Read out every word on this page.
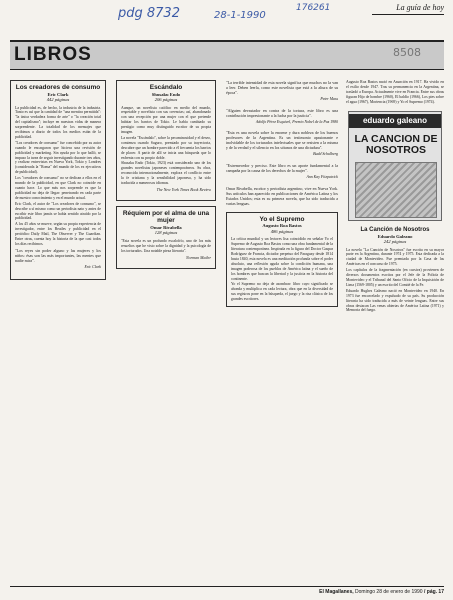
pdg 8732	28-1-1990
176261	La guía de hoy
LIBROS	8508
Los creadores de consumo
Eric Clark
442 páginas

La publicidad es, de hecho, la industria de la industria. Tanto es así que la cantidad de "una mentira permitida": "la única verdadera forma de arte" o "la creación total del capitalismo"; incluye en nuestras vidas de manera sorprendente. La totalidad de los mensajes que recibimos a diario de todos los medios están de la publicidad.

"Los creadores de consumo" fue concebido por su autor cuando le encargaron que hiciera una revisión de publicidad y marketing. Sin ayuda por lo que halló, se impuso la tarea de seguir investigando durante tres años, y realizar entrevistas en Nueva York, Tokio y Londres (considerada la "Roma" del mundo de los ex ejecutivos de publicidad).

Los "creadores de consumo" no se dedican a ellos en el mundo de la publicidad, en que Clark no coincide en cuanto hace. Lo que más nos sorprende es que la publicidad no deja de llegar: penetrando en cada parte de nuestro conocimiento y en el mundo actual.

Eric Clark, el autor de "Los creadores de consumo", se describe a sí mismo como un periodista nato y antes de escribir este libro jamás se había sentido atraído por la publicidad.

A los 45 años se mueve, según su propia experiencia de investigador, entre los Beatles y publicidad en el periódico Daily Mail, The Observer y The Guardian. Entre otras, cuenta hoy la historia de la que casi todos los días recibimos.

"Los reyes sin poder alguno y las mujeres y los niños: ésas son las más importantes, las mentes que nadie mira".
Eric Clark
Escándalo
Shusaku Endo
206 páginas

Aunque, un novelista católico en medio del mundo, respetable y novelista con sus creencias; así, abandonado con una recepción por una mujer con el que pretende habitar los barrios de Tokio. Le había cambiado su prestigio como muy distinguido escritor de su propia imagen.

La novela "Escándalo", sobre la pecaminosidad y el deseo, comienza cuando Suguro, premiado por su trayectoria, descubre que un hombre parecido a él frecuenta los barrios de placer. A partir de allí se inicia una búsqueda que lo enfrenta con su propio doble.

Shusaku Endo (Tokio, 1923) está considerado uno de los grandes novelistas japoneses contemporáneos. Su obra, reconocida internacionalmente, explora el conflicto entre la fe cristiana y la sensibilidad japonesa, y ha sido traducida a numerosos idiomas.

The New York Times Book Review
Réquiem por el alma de una mujer
Omar Rivabella
128 páginas

"Esta novela es un profundo escalofrío, uno de los más resueltos que he visto sobre la dignidad y la psicología de los torturados. Una notable pieza literaria".

Norman Mailer
"La terrible intensidad de esta novela significa que muchos no la van a leer. Deben leerla, como este novelista que está a la altura de su época".
Peter Mass
"Alguien devastador en contra de la tortura, este libro es una contribución impresionante a la lucha por la justicia".
Adolfo Pérez Esquivel, Premio Nobel de la Paz 1980
"Esta es una novela sobre la enorme y dura nobleza de los buenos profesores de la Argentina. Es un testimonio apasionante e inolvidable de los torturados intelectuales que se resisten a la misma y de la verdad y el silencio en los sótanos de una dictadura".
Budd Schulberg
"Estremecedor y preciso. Este libro es un aporte fundamental a la campaña por la causa de los derechos de la mujer".
Ann Kay Fitzpatrick
Omar Rivabella, escritor y periodista argentino, vive en Nueva York. Sus artículos han aparecido en publicaciones de América Latina y los Estados Unidos; esta es su primera novela, que ha sido traducida a varias lenguas.
Yo el Supremo
Augusto Roa Bastos
486 páginas

La crítica mundial y un lectores lisa coincidido en señalar Yo el Supremo de Augusto Roa Bastos como una obra fundamental de la literatura contemporánea. Inspirada en la figura del Doctor Gaspar Rodríguez de Francia, dictador perpetuo del Paraguay desde 1814 hasta 1840, esta novela es una meditación profunda sobre el poder absoluto, una reflexión aguda sobre la condición humana, una imagen poderosa de los pueblos de América latina y el sueño de los hombres que buscan la libertad y la justicia en la historia del continente.

Yo el Supremo no deja de asombrar: libro cuyo significado se ahonda y multiplica en cada lectura, obra que en la diversidad de sus registros pone en la búsqueda, el juego y la risa clásica de los grandes escritores.

Augusto Roa Bastos nació en Asunción en 1917. Ha vivido en el exilio desde 1947. Tras su permanencia en la Argentina, se trasladó a Europa. Actualmente vive en Francia. Entre sus obras figuran Hijo de hombre (1960), El baldío (1966), Los pies sobre el agua (1967), Moriencia (1969) y Yo el Supremo (1974).

eduardo galeano
LA CANCION DE NOSOTROS
La Canción de Nosotros
Eduardo Galeano
242 páginas

La novela "La Canción de Nosotros" fue escrita en su mayor parte en la Argentina, durante 1974 y 1975. Esta dedicada a la ciudad de Montevideo. Fue premiada por la Casa de las Américas en el concurso de 1975.

Los capítulos de la fragmentación (en cursiva) provienen de diversos documentos escritos por el Jefe de la Policía de Montevideo y el Tribunal del Santo Oficio de la Inquisición de Lima (1569-1805) y un escrito del Comité de la Fe.

Eduardo Hughes Galeano nació en Montevideo en 1940. En 1973 fue encarcelado y expulsado de su país. Su producción literaria ha sido traducida a más de veinte lenguas. Entre sus obras destacan Las venas abiertas de América Latina (1971) y Memoria del fuego.

El Magallanes, Domingo 28 de enero de 1990 / pág. 17
